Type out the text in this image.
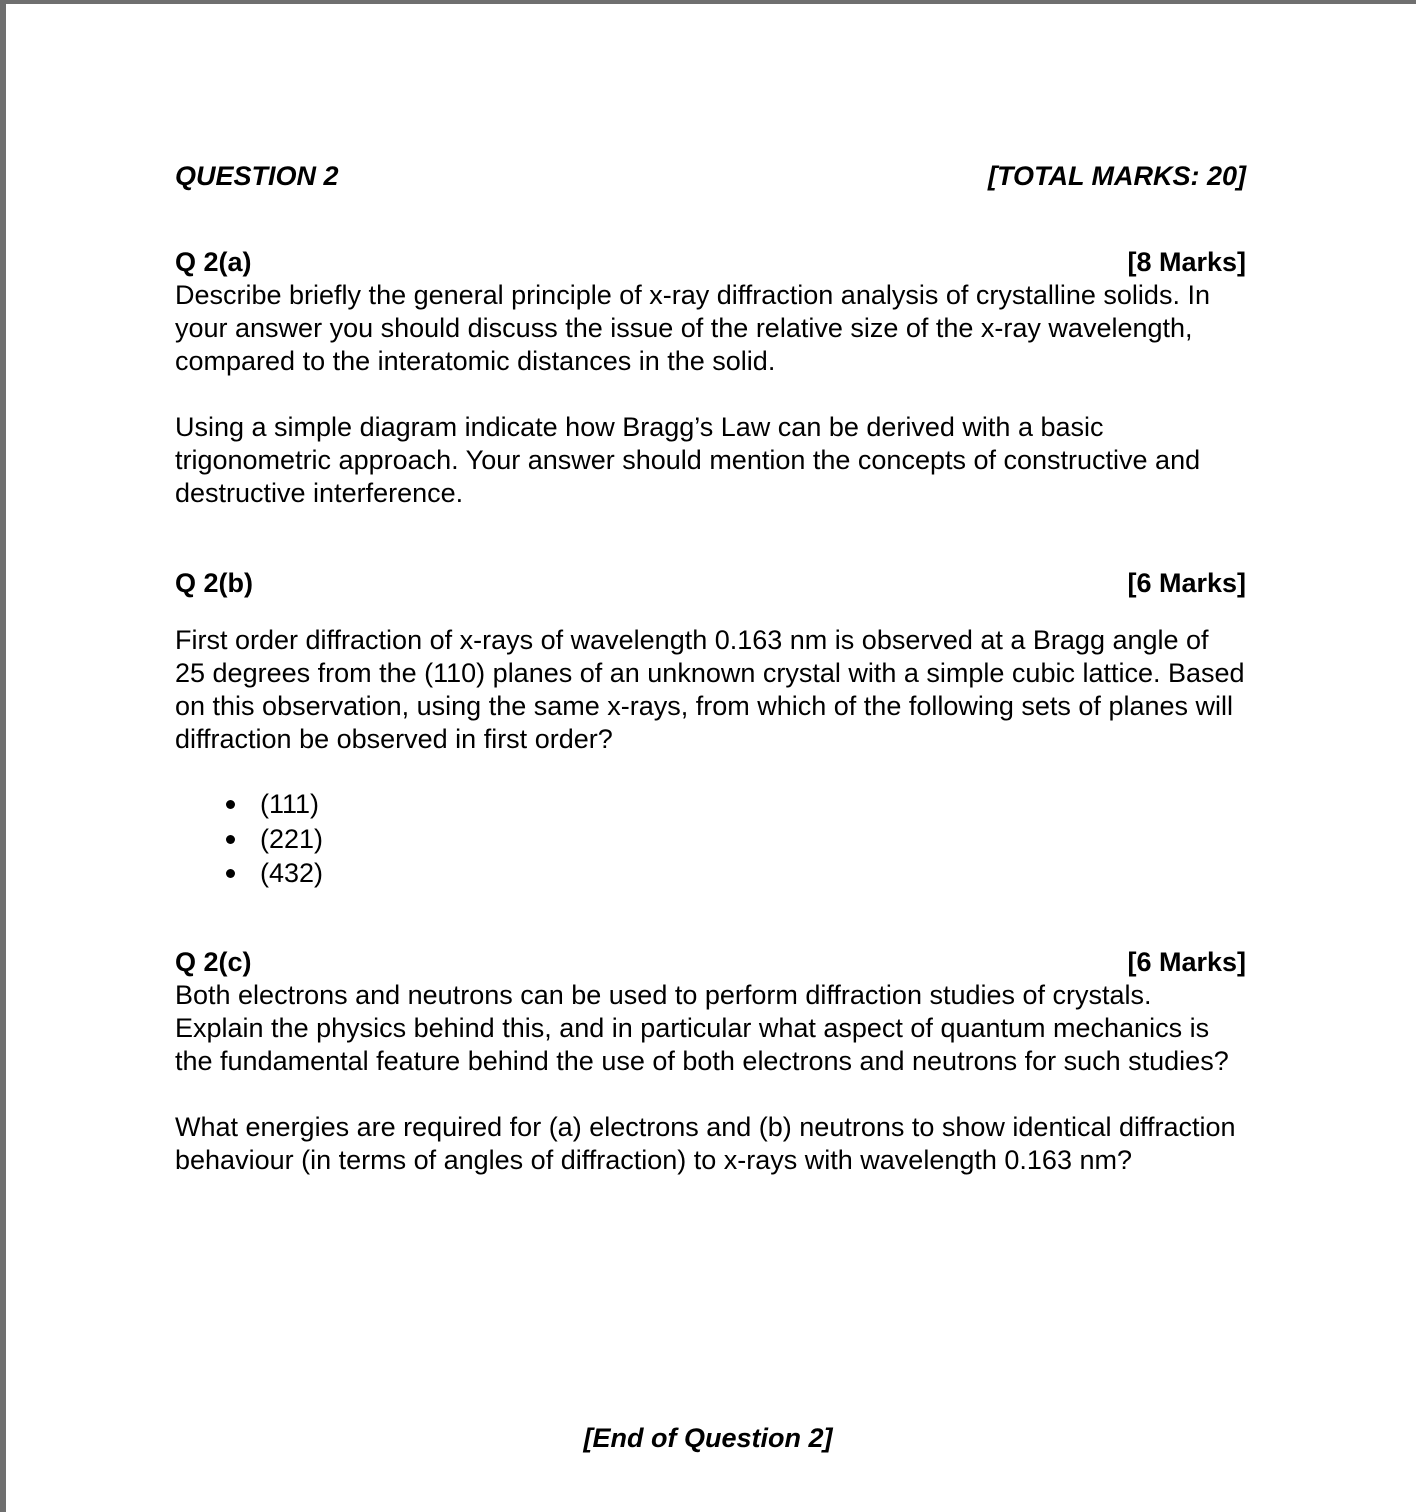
QUESTION 2	[TOTAL MARKS: 20]
Q 2(a)	[8 Marks]

Describe briefly the general principle of x-ray diffraction analysis of crystalline solids. In your answer you should discuss the issue of the relative size of the x-ray wavelength, compared to the interatomic distances in the solid.

Using a simple diagram indicate how Bragg’s Law can be derived with a basic trigonometric approach. Your answer should mention the concepts of constructive and destructive interference.

Q 2(b)	[6 Marks]

First order diffraction of x-rays of wavelength 0.163 nm is observed at a Bragg angle of 25 degrees from the (110) planes of an unknown crystal with a simple cubic lattice. Based on this observation, using the same x-rays, from which of the following sets of planes will diffraction be observed in first order?

(111)
(221)
(432)
Q 2(c)	[6 Marks]

Both electrons and neutrons can be used to perform diffraction studies of crystals. Explain the physics behind this, and in particular what aspect of quantum mechanics is the fundamental feature behind the use of both electrons and neutrons for such studies?

What energies are required for (a) electrons and (b) neutrons to show identical diffraction behaviour (in terms of angles of diffraction) to x-rays with wavelength 0.163 nm?

[End of Question 2]
